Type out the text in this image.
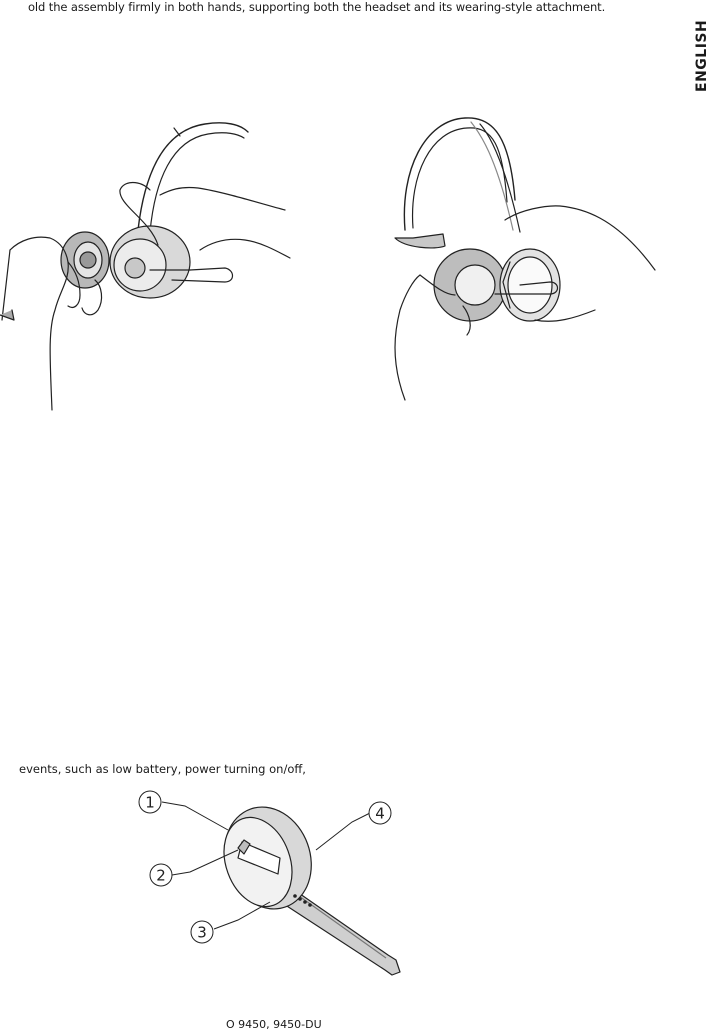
old the assembly firmly in both hands, supporting both the headset and its wearing-style attachment.
ENGLISH
events, such as low battery, power turning on/off,
1
2
3
4
O 9450, 9450-DU
